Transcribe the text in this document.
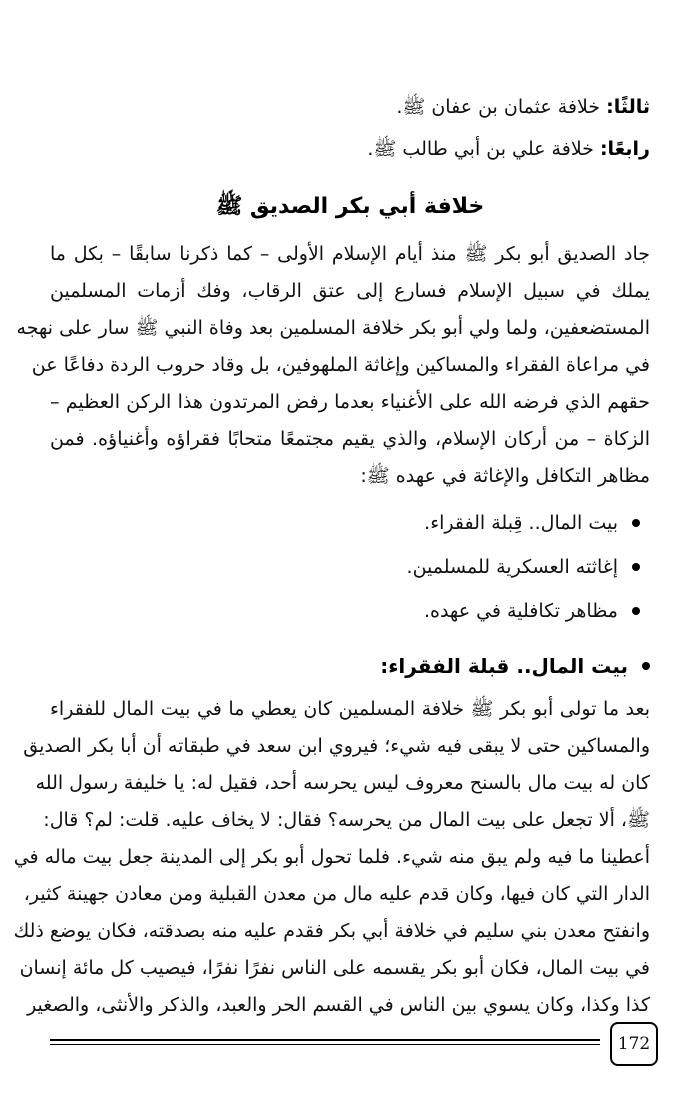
ثالثًا: خلافة عثمان بن عفان ﷺ.
رابعًا: خلافة علي بن أبي طالب ﷺ.
خلافة أبي بكر الصديق ﷺ

جاد الصديق أبو بكر ﷺ منذ أيام الإسلام الأولى – كما ذكرنا سابقًا – بكل ما
يملك في سبيل الإسلام فسارع إلى عتق الرقاب، وفك أزمات المسلمين
المستضعفين، ولما ولي أبو بكر خلافة المسلمين بعد وفاة النبي ﷺ سار على نهجه
في مراعاة الفقراء والمساكين وإغاثة الملهوفين، بل وقاد حروب الردة دفاعًا عن
حقهم الذي فرضه الله على الأغنياء بعدما رفض المرتدون هذا الركن العظيم –
الزكاة – من أركان الإسلام، والذي يقيم مجتمعًا متحابًا فقراؤه وأغنياؤه. فمن
مظاهر التكافل والإغاثة في عهده ﷺ:

بيت المال.. قِبلة الفقراء.
إغاثته العسكرية للمسلمين.
مظاهر تكافلية في عهده.
بيت المال.. قبلة الفقراء:

بعد ما تولى أبو بكر ﷺ خلافة المسلمين كان يعطي ما في بيت المال للفقراء
والمساكين حتى لا يبقى فيه شيء؛ فيروي ابن سعد في طبقاته أن أبا بكر الصديق
كان له بيت مال بالسنح معروف ليس يحرسه أحد، فقيل له: يا خليفة رسول الله
ﷺ، ألا تجعل على بيت المال من يحرسه؟ فقال: لا يخاف عليه. قلت: لم؟ قال:
أعطينا ما فيه ولم يبق منه شيء. فلما تحول أبو بكر إلى المدينة جعل بيت ماله في
الدار التي كان فيها، وكان قدم عليه مال من معدن القبلية ومن معادن جهينة كثير،
وانفتح معدن بني سليم في خلافة أبي بكر فقدم عليه منه بصدقته، فكان يوضع ذلك
في بيت المال، فكان أبو بكر يقسمه على الناس نفرًا نفرًا، فيصيب كل مائة إنسان
كذا وكذا، وكان يسوي بين الناس في القسم الحر والعبد، والذكر والأنثى، والصغير

172
